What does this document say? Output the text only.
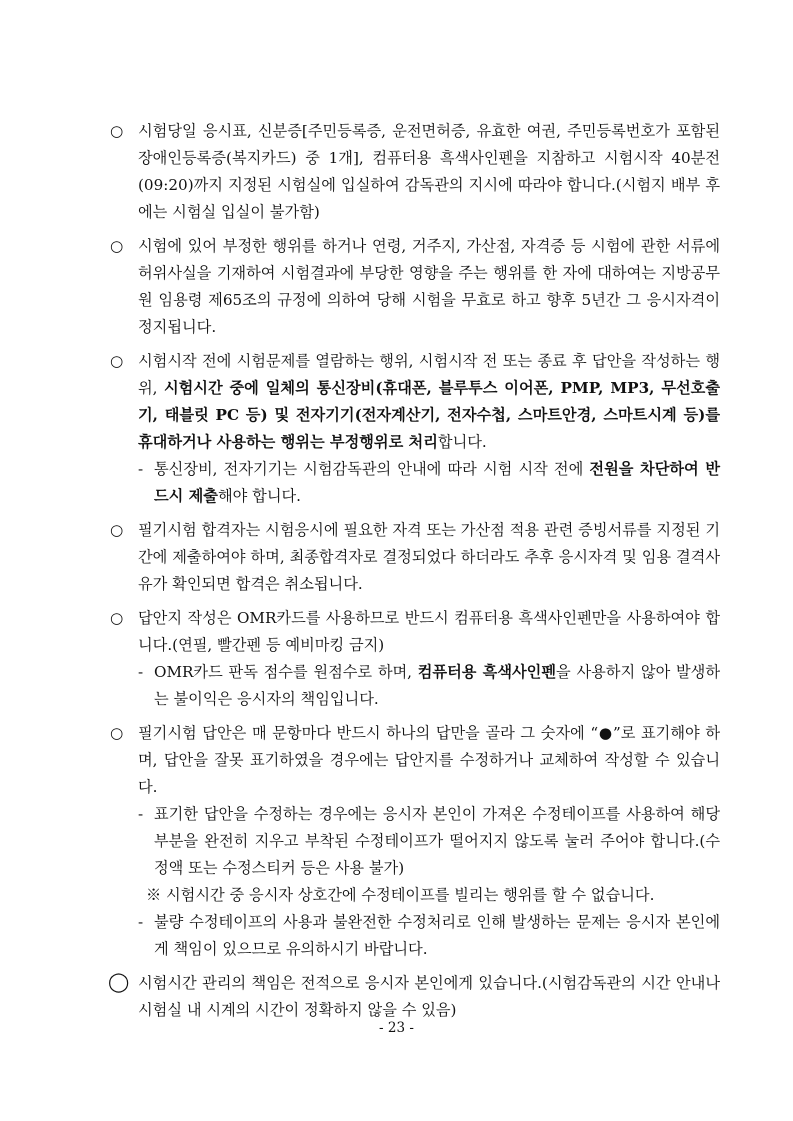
○ 시험당일 응시표, 신분증[주민등록증, 운전면허증, 유효한 여권, 주민등록번호가 포함된 장애인등록증(복지카드) 중 1개], 컴퓨터용 흑색사인펜을 지참하고 시험시작 40분전(09:20)까지 지정된 시험실에 입실하여 감독관의 지시에 따라야 합니다.(시험지 배부 후에는 시험실 입실이 불가함)
○ 시험에 있어 부정한 행위를 하거나 연령, 거주지, 가산점, 자격증 등 시험에 관한 서류에 허위사실을 기재하여 시험결과에 부당한 영향을 주는 행위를 한 자에 대하여는 지방공무원 임용령 제65조의 규정에 의하여 당해 시험을 무효로 하고 향후 5년간 그 응시자격이 정지됩니다.
○ 시험시작 전에 시험문제를 열람하는 행위, 시험시작 전 또는 종료 후 답안을 작성하는 행위, 시험시간 중에 일체의 통신장비(휴대폰, 블루투스 이어폰, PMP, MP3, 무선호출기, 태블릿 PC 등) 및 전자기기(전자계산기, 전자수첩, 스마트안경, 스마트시계 등)를 휴대하거나 사용하는 행위는 부정행위로 처리합니다.
- 통신장비, 전자기기는 시험감독관의 안내에 따라 시험 시작 전에 전원을 차단하여 반드시 제출해야 합니다.
○ 필기시험 합격자는 시험응시에 필요한 자격 또는 가산점 적용 관련 증빙서류를 지정된 기간에 제출하여야 하며, 최종합격자로 결정되었다 하더라도 추후 응시자격 및 임용 결격사유가 확인되면 합격은 취소됩니다.
○ 답안지 작성은 OMR카드를 사용하므로 반드시 컴퓨터용 흑색사인펜만을 사용하여야 합니다.(연필, 빨간펜 등 예비마킹 금지)
- OMR카드 판독 점수를 원점수로 하며, 컴퓨터용 흑색사인펜을 사용하지 않아 발생하는 불이익은 응시자의 책임입니다.
○ 필기시험 답안은 매 문항마다 반드시 하나의 답만을 골라 그 숫자에 “●”로 표기해야 하며, 답안을 잘못 표기하였을 경우에는 답안지를 수정하거나 교체하여 작성할 수 있습니다.
- 표기한 답안을 수정하는 경우에는 응시자 본인이 가져온 수정테이프를 사용하여 해당 부분을 완전히 지우고 부착된 수정테이프가 떨어지지 않도록 눌러 주어야 합니다.(수정액 또는 수정스티커 등은 사용 불가)
※ 시험시간 중 응시자 상호간에 수정테이프를 빌리는 행위를 할 수 없습니다.
- 불량 수정테이프의 사용과 불완전한 수정처리로 인해 발생하는 문제는 응시자 본인에게 책임이 있으므로 유의하시기 바랍니다.
◯ 시험시간 관리의 책임은 전적으로 응시자 본인에게 있습니다.(시험감독관의 시간 안내나 시험실 내 시계의 시간이 정확하지 않을 수 있음)
- 23 -
